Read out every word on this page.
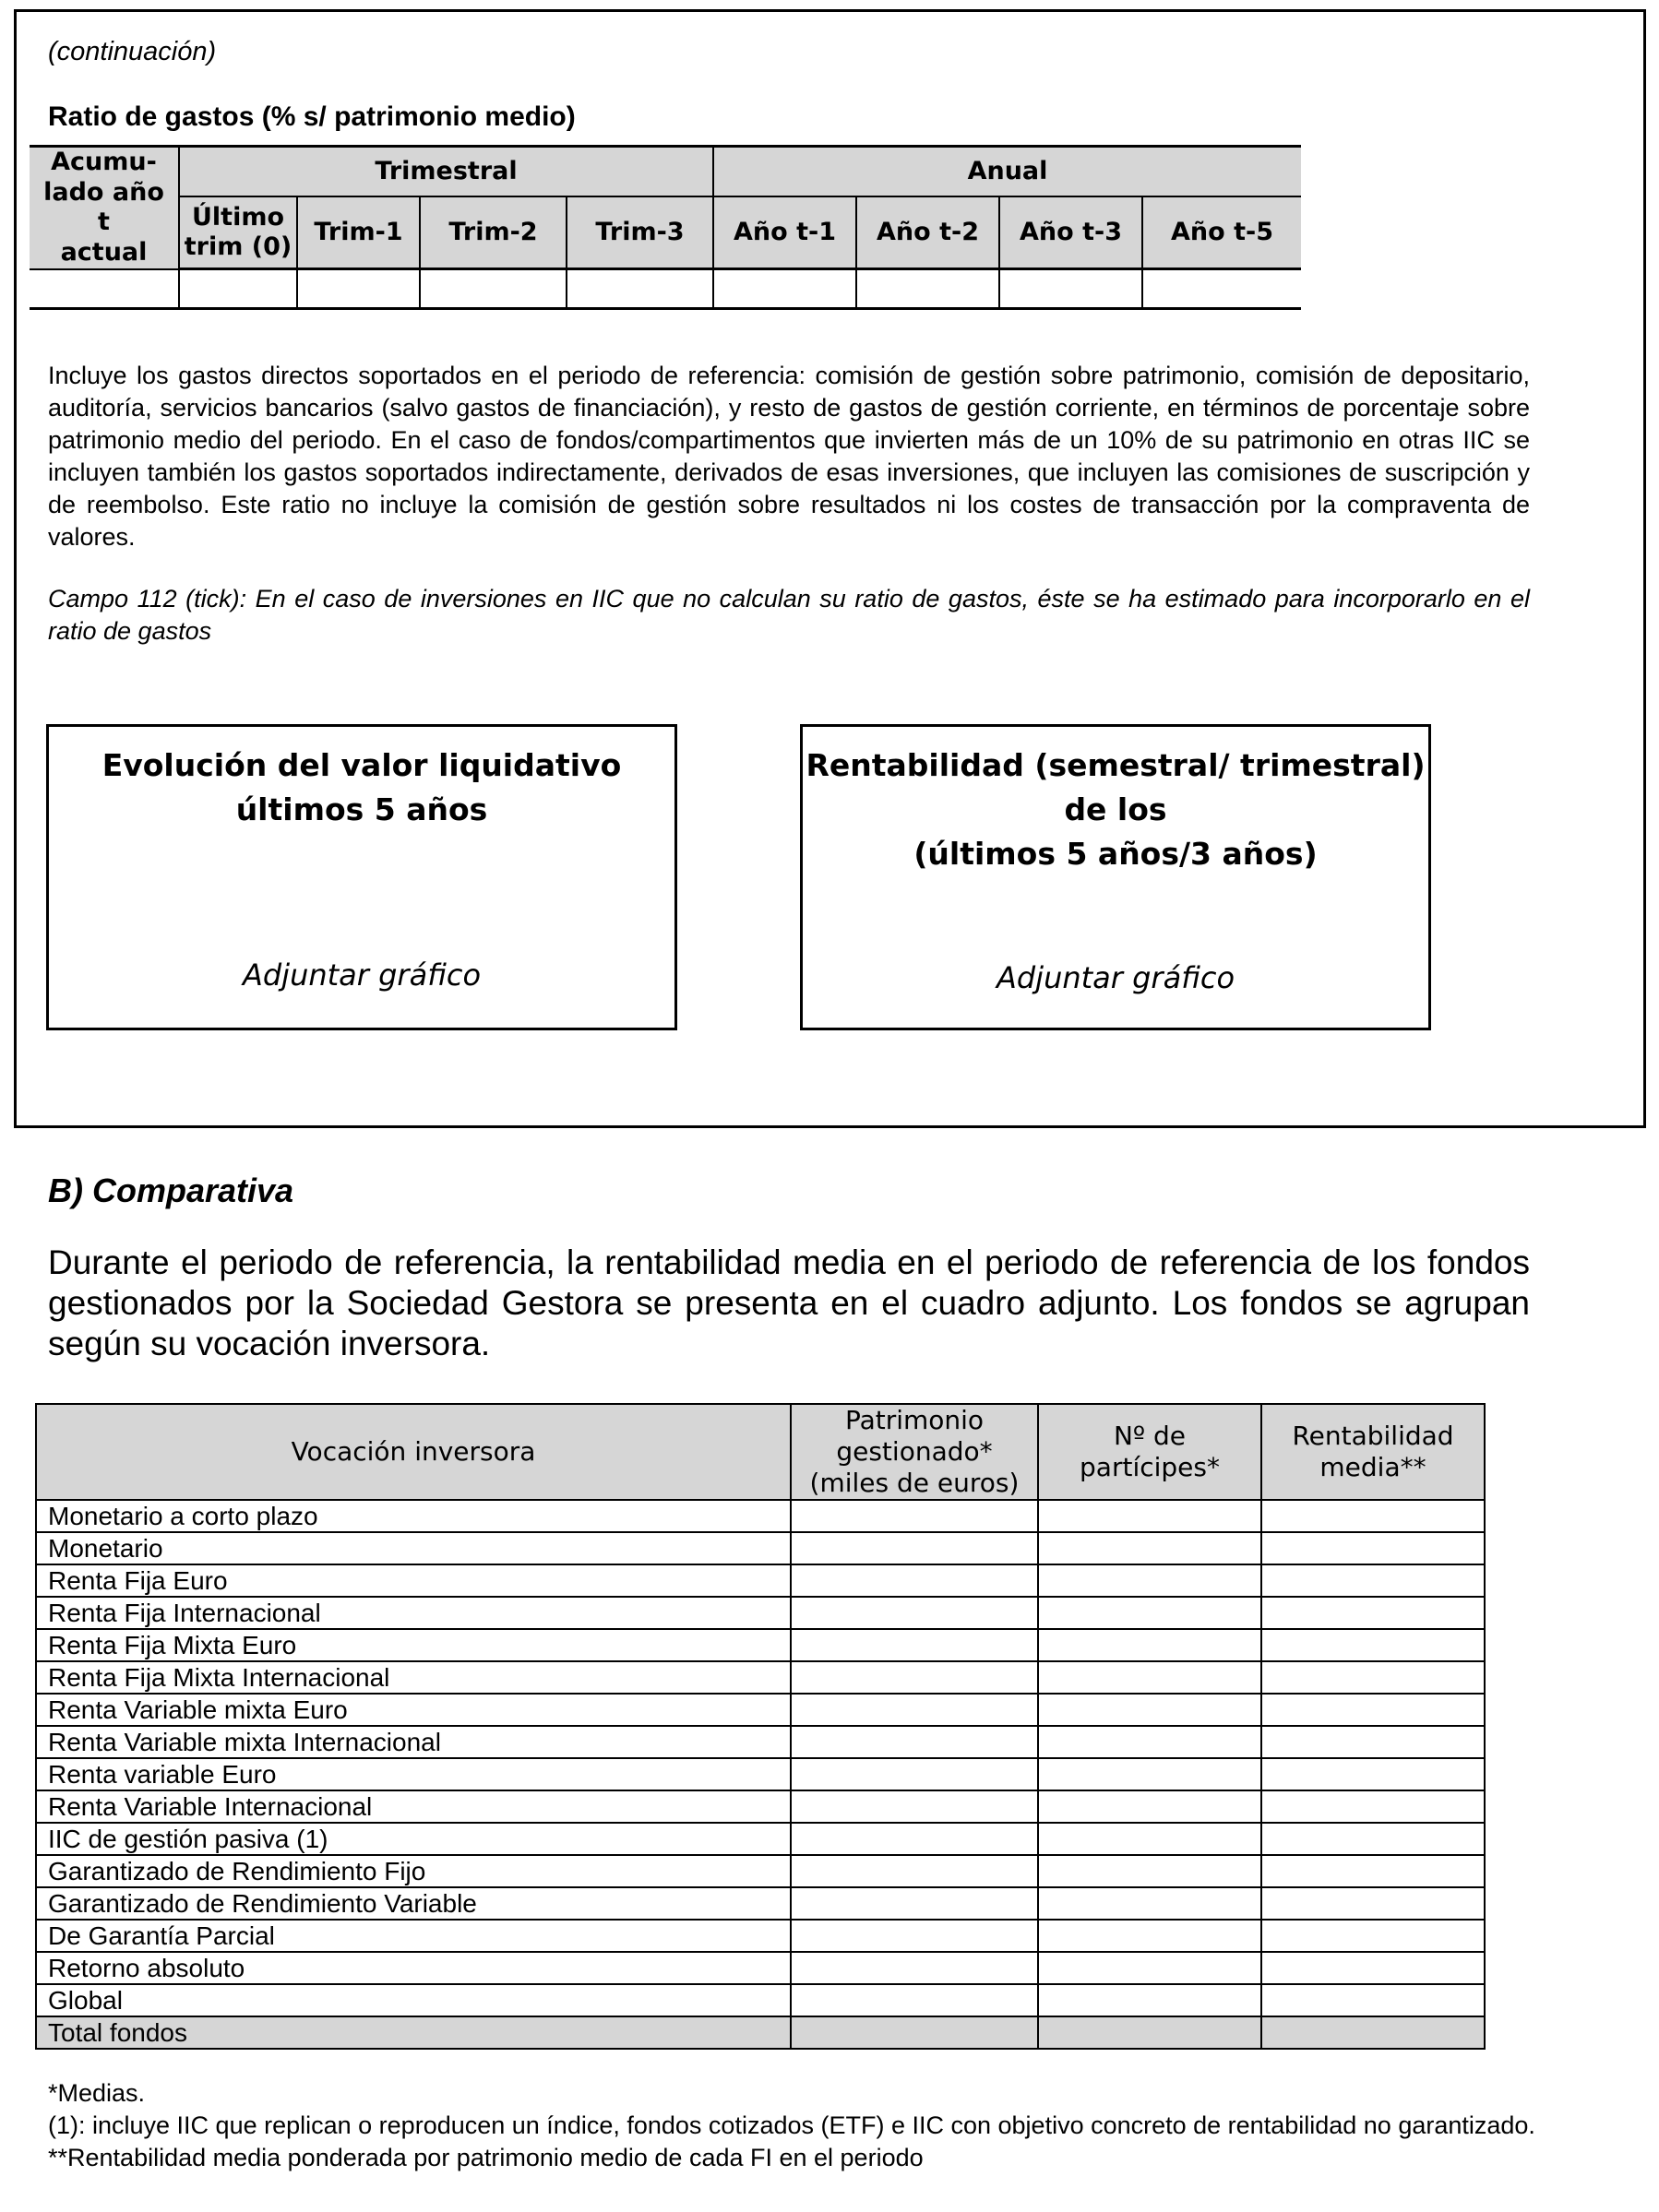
(continuación)
Ratio de gastos (% s/ patrimonio medio)
Acumu-
lado año t
actual	Trimestral				Anual			
	Último trim (0)	Trim-1	Trim-2	Trim-3	Año t-1	Año t-2	Año t-3	Año t-5

Incluye los gastos directos soportados en el periodo de referencia: comisión de gestión sobre patrimonio, comisión de depositario, auditoría, servicios bancarios (salvo gastos de financiación), y resto de gastos de gestión corriente, en términos de porcentaje sobre patrimonio medio del periodo. En el caso de fondos/compartimentos que invierten más de un 10% de su patrimonio en otras IIC se incluyen también los gastos soportados indirectamente, derivados de esas inversiones, que incluyen las comisiones de suscripción y de reembolso. Este ratio no incluye la comisión de gestión sobre resultados ni los costes de transacción por la compraventa de valores.

Campo 112 (tick): En el caso de inversiones en IIC que no calculan su ratio de gastos, éste se ha estimado para incorporarlo en el ratio de gastos

Evolución del valor liquidativo
últimos 5 años
Adjuntar gráfico
Rentabilidad (semestral/ trimestral)
de los
(últimos 5 años/3 años)
Adjuntar gráfico
B) Comparativa

Durante el periodo de referencia, la rentabilidad media en el periodo de referencia de los fondos gestionados por la Sociedad Gestora se presenta en el cuadro adjunto. Los fondos se agrupan según su vocación inversora.

Vocación inversora	Patrimonio gestionado* (miles de euros)	Nº de partícipes*	Rentabilidad media**
Monetario a corto plazo			
Monetario			
Renta Fija Euro			
Renta Fija Internacional			
Renta Fija Mixta Euro			
Renta Fija Mixta Internacional			
Renta Variable mixta Euro			
Renta Variable mixta Internacional			
Renta variable Euro			
Renta Variable Internacional			
IIC de gestión pasiva (1)			
Garantizado de Rendimiento Fijo			
Garantizado de Rendimiento Variable			
De Garantía Parcial			
Retorno absoluto			
Global			
Total fondos			
*Medias.
(1): incluye IIC que replican o reproducen un índice, fondos cotizados (ETF) e IIC con objetivo concreto de rentabilidad no garantizado.
**Rentabilidad media ponderada por patrimonio medio de cada FI en el periodo
